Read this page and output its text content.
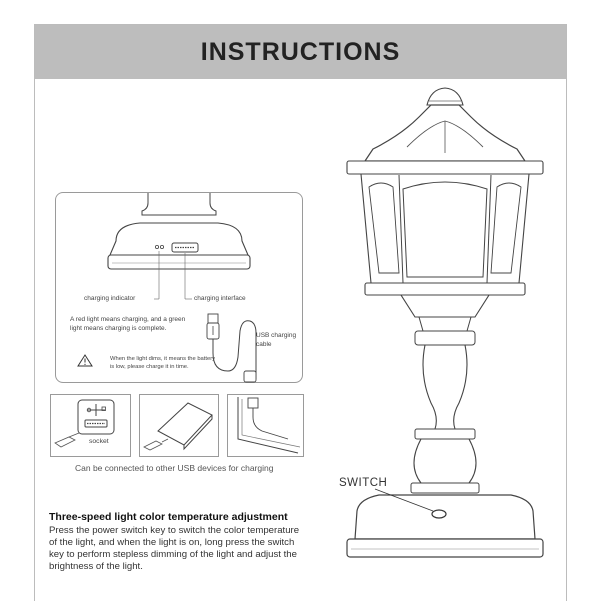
INSTRUCTIONS
charging indicator	charging interface
A red light means charging, and a green
light means charging is complete.
USB charging
cable
When the light dims, it means the battery
is low, please charge it in time.
socket
Can be connected to other USB devices for charging
SWITCH
Three-speed light color temperature adjustment
Press the power switch key to switch the color temperature
of the light, and when the light is on, long press the switch
key to perform stepless dimming of the light and adjust the
brightness of the light.
